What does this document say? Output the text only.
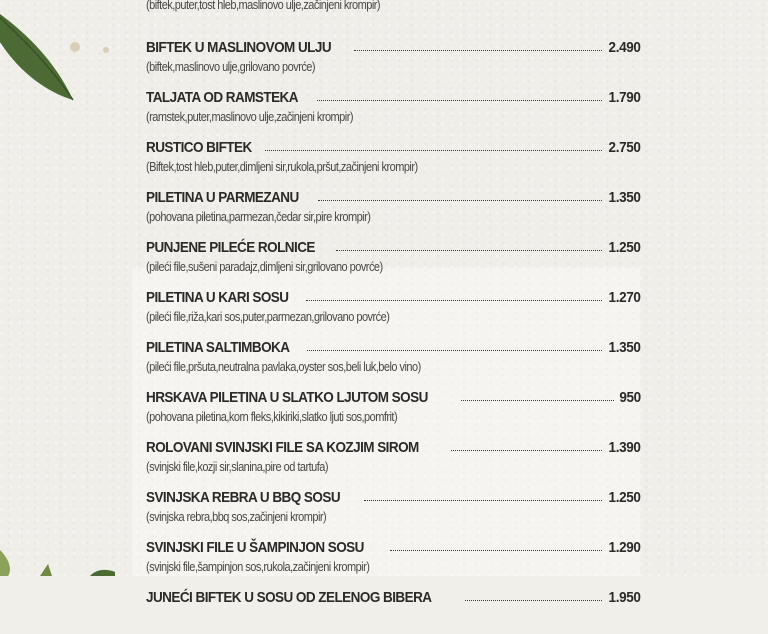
(biftek,puter,tost hleb,maslinovo ulje,začinjeni krompir)
BIFTEK U MASLINOVOM ULJU	2.490
(biftek,maslinovo ulje,grilovano povrće)
TALJATA OD RAMSTEKA	1.790
(ramstek,puter,maslinovo ulje,začinjeni krompir)
RUSTICO BIFTEK	2.750
(Biftek,tost hleb,puter,dimljeni sir,rukola,pršut,začinjeni krompir)
PILETINA U PARMEZANU	1.350
(pohovana piletina,parmezan,čedar sir,pire krompir)
PUNJENE PILEĆE ROLNICE	1.250
(pileći file,sušeni paradajz,dimljeni sir,grilovano povrće)
PILETINA U KARI SOSU	1.270
(pileći file,riža,kari sos,puter,parmezan,grilovano povrće)
PILETINA SALTIMBOKA	1.350
(pileći file,pršuta,neutralna pavlaka,oyster sos,beli luk,belo vino)
HRSKAVA PILETINA U SLATKO LJUTOM SOSU	950
(pohovana piletina,korn fleks,kikiriki,slatko ljuti sos,pomfrit)
ROLOVANI SVINJSKI FILE SA KOZJIM SIROM	1.390
(svinjski file,kozji sir,slanina,pire od tartufa)
SVINJSKA REBRA U BBQ SOSU	1.250
(svinjska rebra,bbq sos,začinjeni krompir)
SVINJSKI FILE U ŠAMPINJON SOSU	1.290
(svinjski file,šampinjon sos,rukola,začinjeni krompir)
JUNEĆI BIFTEK U SOSU OD ZELENOG BIBERA	1.950
